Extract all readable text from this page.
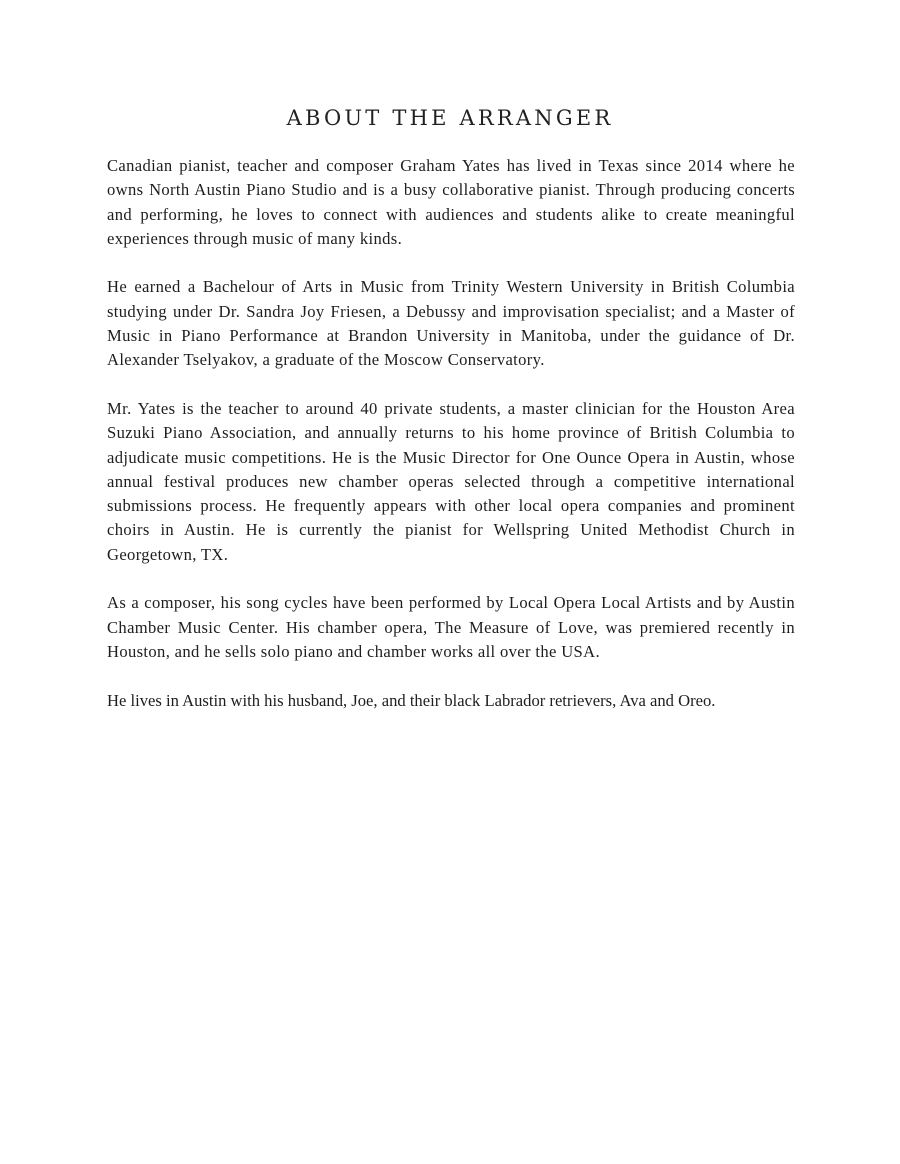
ABOUT THE ARRANGER

Canadian pianist, teacher and composer Graham Yates has lived in Texas since 2014 where he owns North Austin Piano Studio and is a busy collaborative pianist. Through producing concerts and performing, he loves to connect with audiences and students alike to create meaningful experiences through music of many kinds.

He earned a Bachelour of Arts in Music from Trinity Western University in British Columbia studying under Dr. Sandra Joy Friesen, a Debussy and improvisation specialist; and a Master of Music in Piano Performance at Brandon University in Manitoba, under the guidance of Dr. Alexander Tselyakov, a graduate of the Moscow Conservatory.

Mr. Yates is the teacher to around 40 private students, a master clinician for the Houston Area Suzuki Piano Association, and annually returns to his home province of British Columbia to adjudicate music competitions. He is the Music Director for One Ounce Opera in Austin, whose annual festival produces new chamber operas selected through a competitive international submissions process. He frequently appears with other local opera companies and prominent choirs in Austin. He is currently the pianist for Wellspring United Methodist Church in Georgetown, TX.

As a composer, his song cycles have been performed by Local Opera Local Artists and by Austin Chamber Music Center. His chamber opera, The Measure of Love, was premiered recently in Houston, and he sells solo piano and chamber works all over the USA.

He lives in Austin with his husband, Joe, and their black Labrador retrievers, Ava and Oreo.
